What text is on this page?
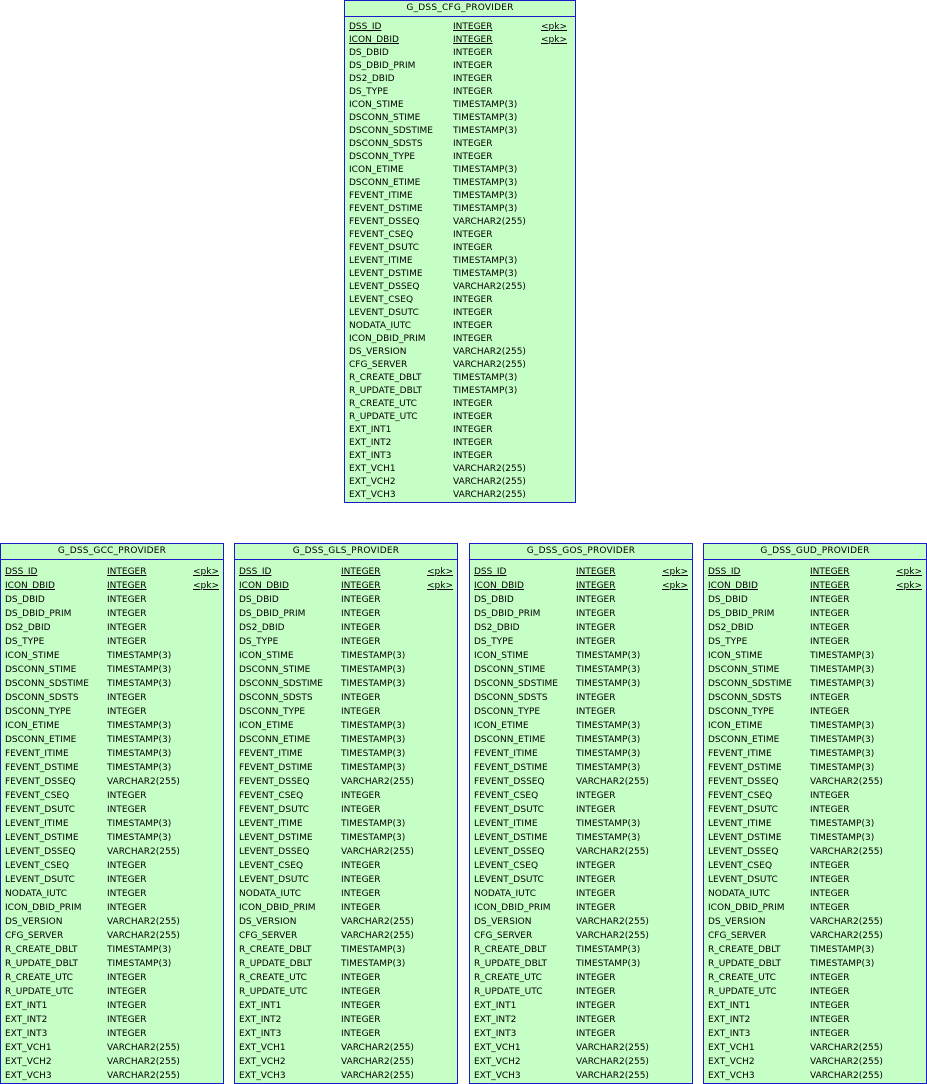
G_DSS_CFG_PROVIDER
DSS_ID	INTEGER	<pk>
ICON_DBID	INTEGER	<pk>
DS_DBID	INTEGER
DS_DBID_PRIM	INTEGER
DS2_DBID	INTEGER
DS_TYPE	INTEGER
ICON_STIME	TIMESTAMP(3)
DSCONN_STIME	TIMESTAMP(3)
DSCONN_SDSTIME TIMESTAMP(3)
DSCONN_SDSTS	INTEGER
DSCONN_TYPE	INTEGER
ICON_ETIME	TIMESTAMP(3)
DSCONN_ETIME	TIMESTAMP(3)
FEVENT_ITIME	TIMESTAMP(3)
FEVENT_DSTIME	TIMESTAMP(3)
FEVENT_DSSEQ	VARCHAR2(255)
FEVENT_CSEQ	INTEGER
FEVENT_DSUTC	INTEGER
LEVENT_ITIME	TIMESTAMP(3)
LEVENT_DSTIME	TIMESTAMP(3)
LEVENT_DSSEQ	VARCHAR2(255)
LEVENT_CSEQ	INTEGER
LEVENT_DSUTC	INTEGER
NODATA_IUTC	INTEGER
ICON_DBID_PRIM	INTEGER
DS_VERSION	VARCHAR2(255)
CFG_SERVER	VARCHAR2(255)
R_CREATE_DBLT	TIMESTAMP(3)
R_UPDATE_DBLT	TIMESTAMP(3)
R_CREATE_UTC	INTEGER
R_UPDATE_UTC	INTEGER
EXT_INT1	INTEGER
EXT_INT2	INTEGER
EXT_INT3	INTEGER
EXT_VCH1	VARCHAR2(255)
EXT_VCH2	VARCHAR2(255)
EXT_VCH3	VARCHAR2(255)
G_DSS_GCC_PROVIDER
DSS_ID	INTEGER	<pk>
ICON_DBID	INTEGER	<pk>
DS_DBID	INTEGER
DS_DBID_PRIM	INTEGER
DS2_DBID	INTEGER
DS_TYPE	INTEGER
ICON_STIME	TIMESTAMP(3)
DSCONN_STIME	TIMESTAMP(3)
DSCONN_SDSTIME TIMESTAMP(3)
DSCONN_SDSTS	INTEGER
DSCONN_TYPE	INTEGER
ICON_ETIME	TIMESTAMP(3)
DSCONN_ETIME	TIMESTAMP(3)
FEVENT_ITIME	TIMESTAMP(3)
FEVENT_DSTIME	TIMESTAMP(3)
FEVENT_DSSEQ	VARCHAR2(255)
FEVENT_CSEQ	INTEGER
FEVENT_DSUTC	INTEGER
LEVENT_ITIME	TIMESTAMP(3)
LEVENT_DSTIME	TIMESTAMP(3)
LEVENT_DSSEQ	VARCHAR2(255)
LEVENT_CSEQ	INTEGER
LEVENT_DSUTC	INTEGER
NODATA_IUTC	INTEGER
ICON_DBID_PRIM	INTEGER
DS_VERSION	VARCHAR2(255)
CFG_SERVER	VARCHAR2(255)
R_CREATE_DBLT	TIMESTAMP(3)
R_UPDATE_DBLT	TIMESTAMP(3)
R_CREATE_UTC	INTEGER
R_UPDATE_UTC	INTEGER
EXT_INT1	INTEGER
EXT_INT2	INTEGER
EXT_INT3	INTEGER
EXT_VCH1	VARCHAR2(255)
EXT_VCH2	VARCHAR2(255)
EXT_VCH3	VARCHAR2(255)
G_DSS_GLS_PROVIDER
DSS_ID	INTEGER	<pk>
ICON_DBID	INTEGER	<pk>
DS_DBID	INTEGER
DS_DBID_PRIM	INTEGER
DS2_DBID	INTEGER
DS_TYPE	INTEGER
ICON_STIME	TIMESTAMP(3)
DSCONN_STIME	TIMESTAMP(3)
DSCONN_SDSTIME TIMESTAMP(3)
DSCONN_SDSTS	INTEGER
DSCONN_TYPE	INTEGER
ICON_ETIME	TIMESTAMP(3)
DSCONN_ETIME	TIMESTAMP(3)
FEVENT_ITIME	TIMESTAMP(3)
FEVENT_DSTIME	TIMESTAMP(3)
FEVENT_DSSEQ	VARCHAR2(255)
FEVENT_CSEQ	INTEGER
FEVENT_DSUTC	INTEGER
LEVENT_ITIME	TIMESTAMP(3)
LEVENT_DSTIME	TIMESTAMP(3)
LEVENT_DSSEQ	VARCHAR2(255)
LEVENT_CSEQ	INTEGER
LEVENT_DSUTC	INTEGER
NODATA_IUTC	INTEGER
ICON_DBID_PRIM	INTEGER
DS_VERSION	VARCHAR2(255)
CFG_SERVER	VARCHAR2(255)
R_CREATE_DBLT	TIMESTAMP(3)
R_UPDATE_DBLT	TIMESTAMP(3)
R_CREATE_UTC	INTEGER
R_UPDATE_UTC	INTEGER
EXT_INT1	INTEGER
EXT_INT2	INTEGER
EXT_INT3	INTEGER
EXT_VCH1	VARCHAR2(255)
EXT_VCH2	VARCHAR2(255)
EXT_VCH3	VARCHAR2(255)
G_DSS_GOS_PROVIDER
DSS_ID	INTEGER	<pk>
ICON_DBID	INTEGER	<pk>
DS_DBID	INTEGER
DS_DBID_PRIM	INTEGER
DS2_DBID	INTEGER
DS_TYPE	INTEGER
ICON_STIME	TIMESTAMP(3)
DSCONN_STIME	TIMESTAMP(3)
DSCONN_SDSTIME TIMESTAMP(3)
DSCONN_SDSTS	INTEGER
DSCONN_TYPE	INTEGER
ICON_ETIME	TIMESTAMP(3)
DSCONN_ETIME	TIMESTAMP(3)
FEVENT_ITIME	TIMESTAMP(3)
FEVENT_DSTIME	TIMESTAMP(3)
FEVENT_DSSEQ	VARCHAR2(255)
FEVENT_CSEQ	INTEGER
FEVENT_DSUTC	INTEGER
LEVENT_ITIME	TIMESTAMP(3)
LEVENT_DSTIME	TIMESTAMP(3)
LEVENT_DSSEQ	VARCHAR2(255)
LEVENT_CSEQ	INTEGER
LEVENT_DSUTC	INTEGER
NODATA_IUTC	INTEGER
ICON_DBID_PRIM	INTEGER
DS_VERSION	VARCHAR2(255)
CFG_SERVER	VARCHAR2(255)
R_CREATE_DBLT	TIMESTAMP(3)
R_UPDATE_DBLT	TIMESTAMP(3)
R_CREATE_UTC	INTEGER
R_UPDATE_UTC	INTEGER
EXT_INT1	INTEGER
EXT_INT2	INTEGER
EXT_INT3	INTEGER
EXT_VCH1	VARCHAR2(255)
EXT_VCH2	VARCHAR2(255)
EXT_VCH3	VARCHAR2(255)
G_DSS_GUD_PROVIDER
DSS_ID	INTEGER	<pk>
ICON_DBID	INTEGER	<pk>
DS_DBID	INTEGER
DS_DBID_PRIM	INTEGER
DS2_DBID	INTEGER
DS_TYPE	INTEGER
ICON_STIME	TIMESTAMP(3)
DSCONN_STIME	TIMESTAMP(3)
DSCONN_SDSTIME TIMESTAMP(3)
DSCONN_SDSTS	INTEGER
DSCONN_TYPE	INTEGER
ICON_ETIME	TIMESTAMP(3)
DSCONN_ETIME	TIMESTAMP(3)
FEVENT_ITIME	TIMESTAMP(3)
FEVENT_DSTIME	TIMESTAMP(3)
FEVENT_DSSEQ	VARCHAR2(255)
FEVENT_CSEQ	INTEGER
FEVENT_DSUTC	INTEGER
LEVENT_ITIME	TIMESTAMP(3)
LEVENT_DSTIME	TIMESTAMP(3)
LEVENT_DSSEQ	VARCHAR2(255)
LEVENT_CSEQ	INTEGER
LEVENT_DSUTC	INTEGER
NODATA_IUTC	INTEGER
ICON_DBID_PRIM	INTEGER
DS_VERSION	VARCHAR2(255)
CFG_SERVER	VARCHAR2(255)
R_CREATE_DBLT	TIMESTAMP(3)
R_UPDATE_DBLT	TIMESTAMP(3)
R_CREATE_UTC	INTEGER
R_UPDATE_UTC	INTEGER
EXT_INT1	INTEGER
EXT_INT2	INTEGER
EXT_INT3	INTEGER
EXT_VCH1	VARCHAR2(255)
EXT_VCH2	VARCHAR2(255)
EXT_VCH3	VARCHAR2(255)
